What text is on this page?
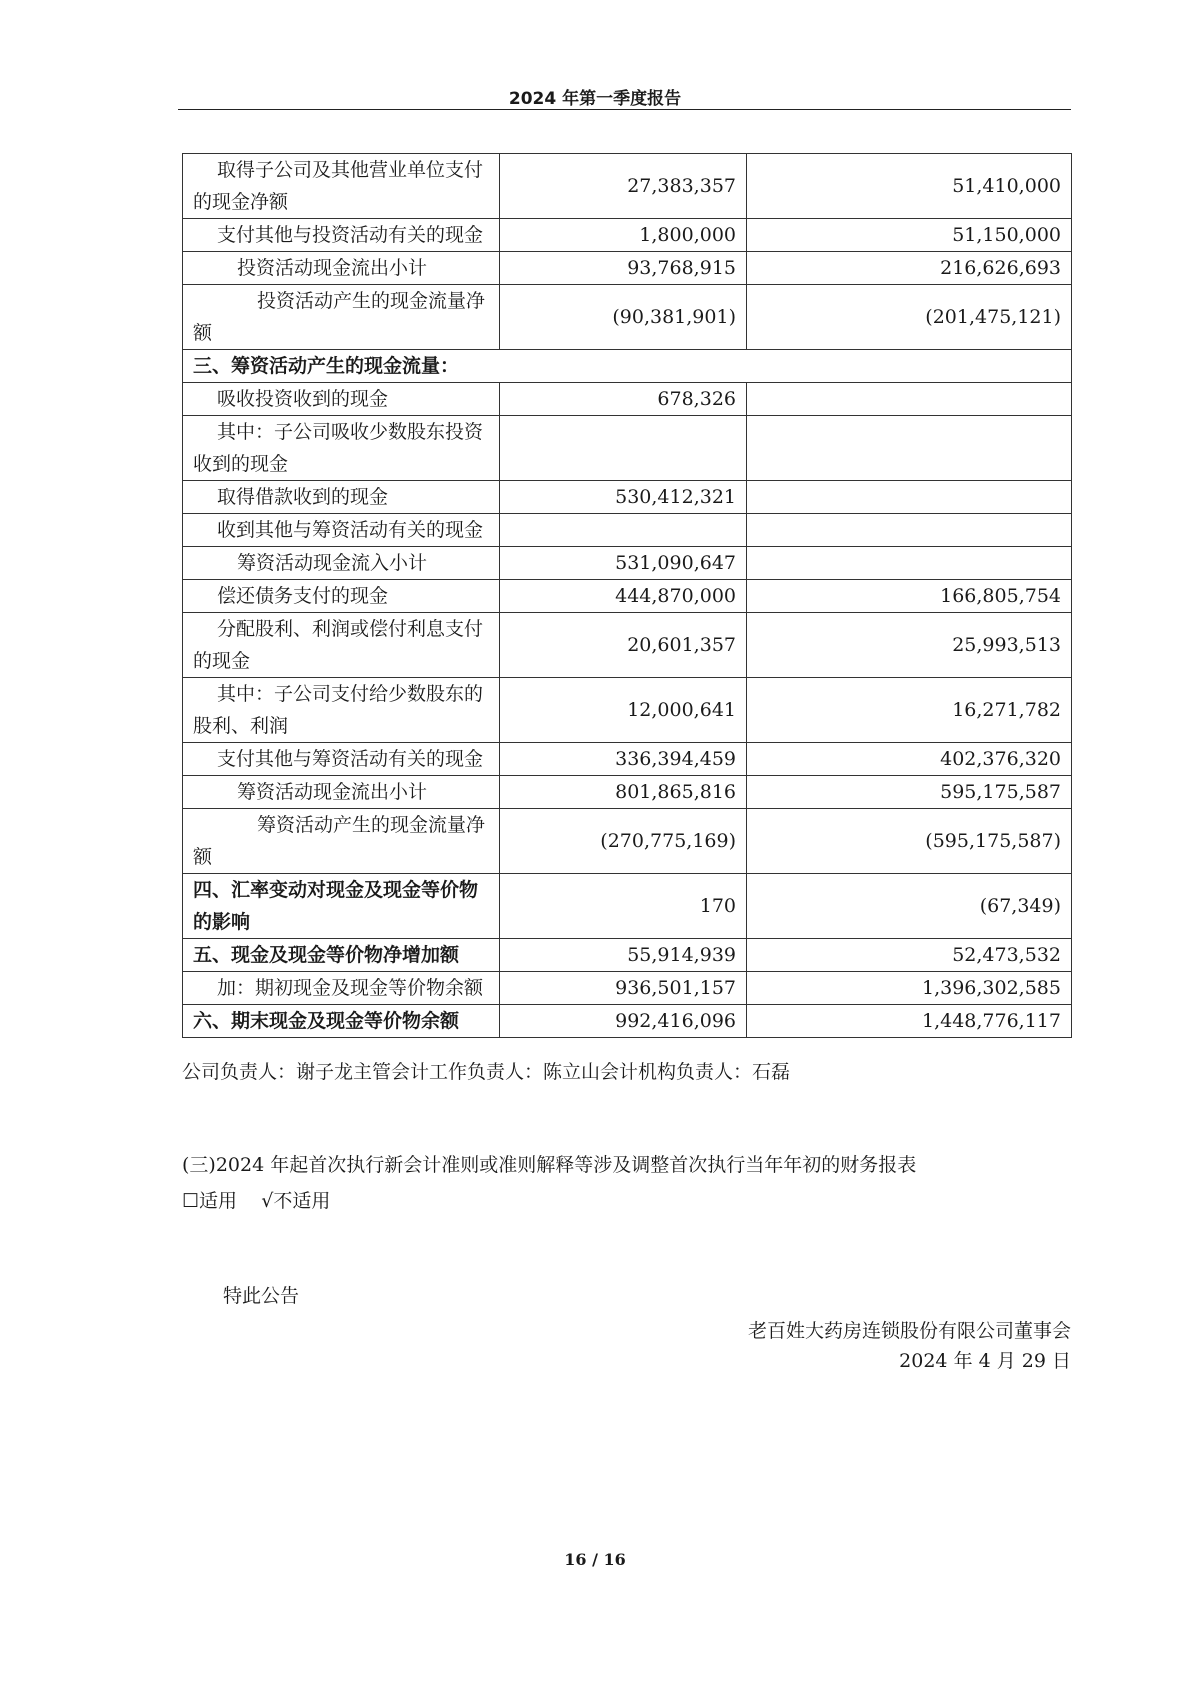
2024 年第一季度报告
取得子公司及其他营业单位支付的现金净额	27,383,357	51,410,000
支付其他与投资活动有关的现金	1,800,000	51,150,000
投资活动现金流出小计	93,768,915	216,626,693
投资活动产生的现金流量净额	(90,381,901)	(201,475,121)
三、筹资活动产生的现金流量：		
吸收投资收到的现金	678,326	
其中：子公司吸收少数股东投资收到的现金		
取得借款收到的现金	530,412,321	
收到其他与筹资活动有关的现金		
筹资活动现金流入小计	531,090,647	
偿还债务支付的现金	444,870,000	166,805,754
分配股利、利润或偿付利息支付的现金	20,601,357	25,993,513
其中：子公司支付给少数股东的股利、利润	12,000,641	16,271,782
支付其他与筹资活动有关的现金	336,394,459	402,376,320
筹资活动现金流出小计	801,865,816	595,175,587
筹资活动产生的现金流量净额	(270,775,169)	(595,175,587)
四、汇率变动对现金及现金等价物的影响	170	(67,349)
五、现金及现金等价物净增加额	55,914,939	52,473,532
加：期初现金及现金等价物余额	936,501,157	1,396,302,585
六、期末现金及现金等价物余额	992,416,096	1,448,776,117
公司负责人：谢子龙主管会计工作负责人：陈立山会计机构负责人：石磊
(三)2024 年起首次执行新会计准则或准则解释等涉及调整首次执行当年年初的财务报表
☐适用 √不适用
特此公告
老百姓大药房连锁股份有限公司董事会
2024 年 4 月 29 日
16 / 16
